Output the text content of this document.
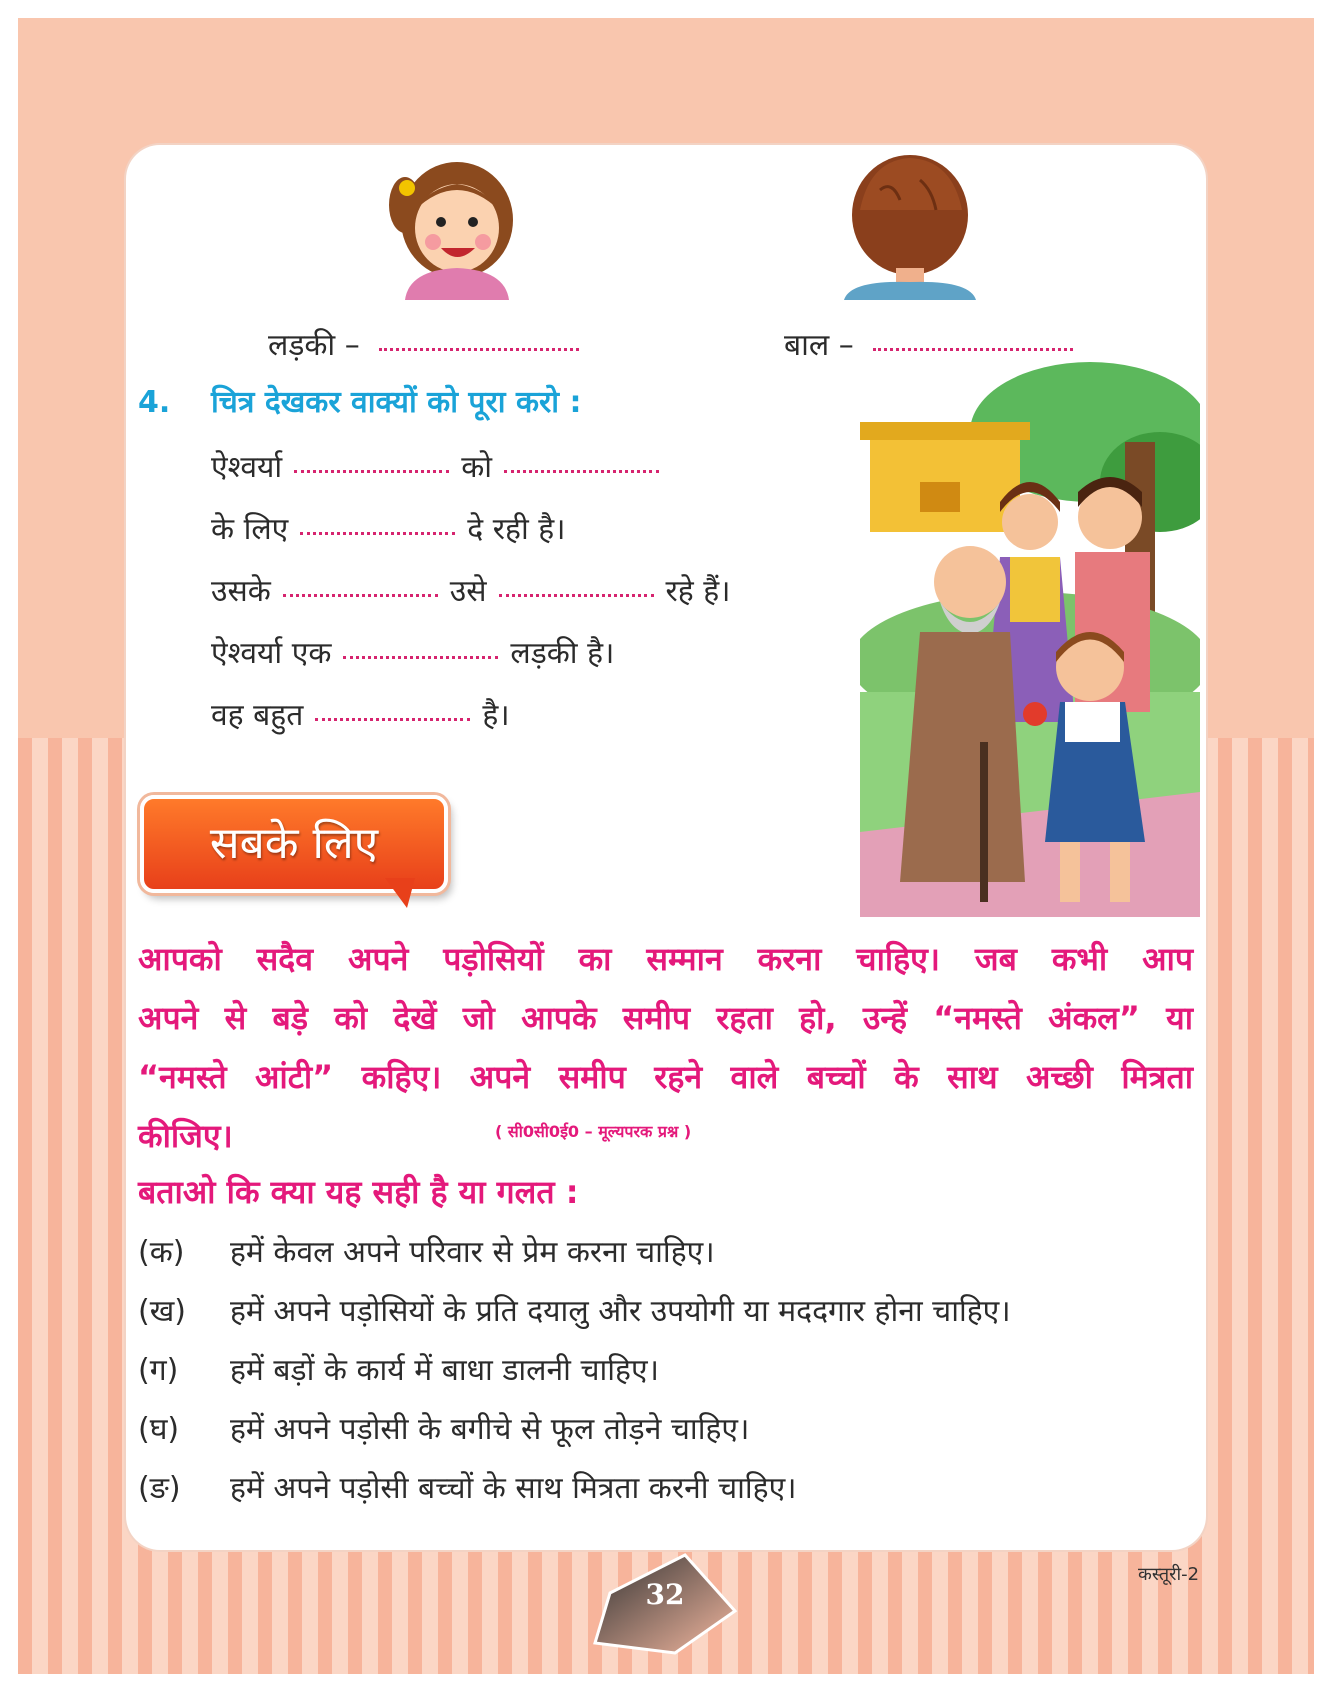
लड़की –	बाल –
4. चित्र देखकर वाक्यों को पूरा करो :
ऐश्वर्या	को
के लिए	दे रही है।
उसके	उसे	रहे हैं।
ऐश्वर्या एक	लड़की है।
वह बहुत	है।
सबके लिए
आपको सदैव अपने पड़ोसियों का सम्मान करना चाहिए। जब कभी आप
अपने से बड़े को देखें जो आपके समीप रहता हो, उन्हें “नमस्ते अंकल” या
“नमस्ते आंटी” कहिए। अपने समीप रहने वाले बच्चों के साथ अच्छी मित्रता
कीजिए।	( सी0सी0ई0 – मूल्यपरक प्रश्न )
बताओ कि क्या यह सही है या गलत :
(क) हमें केवल अपने परिवार से प्रेम करना चाहिए।
(ख) हमें अपने पड़ोसियों के प्रति दयालु और उपयोगी या मददगार होना चाहिए।
(ग) हमें बड़ों के कार्य में बाधा डालनी चाहिए।
(घ) हमें अपने पड़ोसी के बगीचे से फूल तोड़ने चाहिए।
(ङ) हमें अपने पड़ोसी बच्चों के साथ मित्रता करनी चाहिए।
32
कस्तूरी-2
